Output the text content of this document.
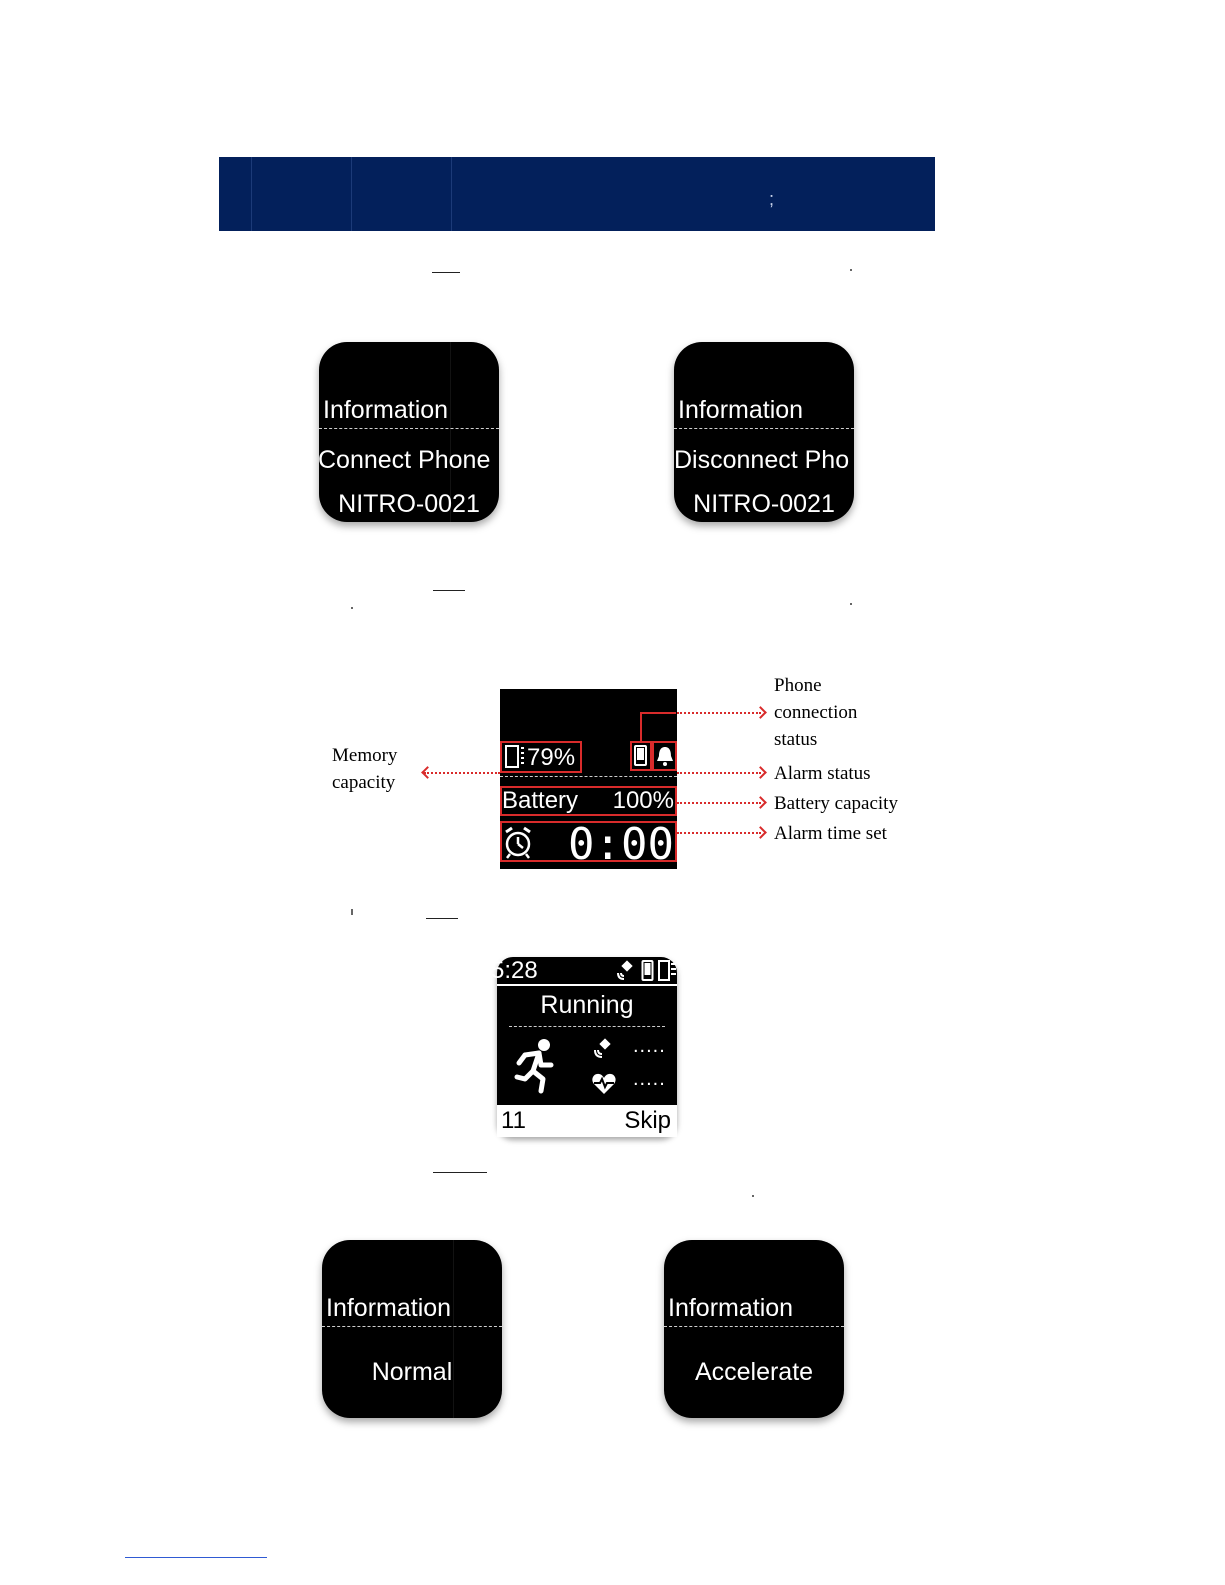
;
Information
Connect Phone
NITRO-0021
Information
Disconnect Pho
NITRO-0021
79%
Battery 100%
0:00
Memory
capacity
Phone
connection
status
Alarm status
Battery capacity
Alarm time set
5:28
Running
.....
.....
11	Skip
Information
Normal
Information
Accelerate
